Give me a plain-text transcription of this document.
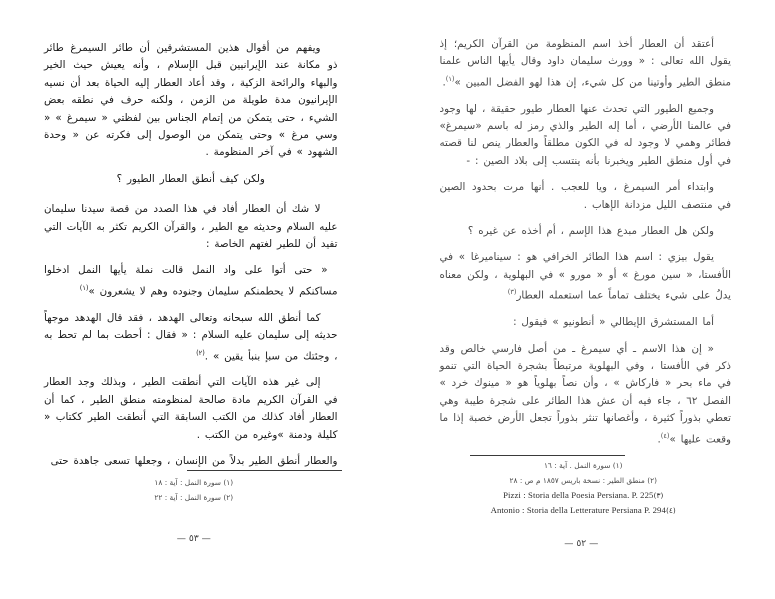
أعتقد أن العطار أخذ اسم المنظومة من القرآن الكريم؛ إذ يقول الله تعالى : « وورث سليمان داود وقال يأيها الناس علمنا منطق الطير وأوتينا من كل شيء، إن هذا لهو الفضل المبين »$^{(١)}$.

وجميع الطيور التي تحدث عنها العطار طيور حقيقة ، لها وجود في عالمنا الأرضي ، أما إله الطير والذي رمز له باسم «سيمرغ» فطائر وهمي لا وجود له في الكون مطلقاً والعطار ينص لنا قصته في أول منطق الطير ويخبرنا بأنه ينتسب إلى بلاد الصين : -

وابتداء أمر السيمرغ ، ويا للعجب . أنها مرت بحدود الصين في منتصف الليل مزدانة الإهاب .

ولكن هل العطار مبدع هذا الإسم ، أم أخذه عن غيره ؟

يقول بيزي : اسم هذا الطائر الخرافي هو : سيناميرغا » في الأفستا، « سين مورغ » أو « مورو » في البهلوية ، ولكن معناه يدلُ على شيء يختلف تماماً عما استعمله العطار$^{(٣)}$

أما المستشرق الإيطالي « أنطونيو » فيقول :

« إن هذا الاسم ـ أي سيمرغ ـ من أصل فارسي خالص وقد ذكر في الأفستا ، وفي البهلوية مرتبطاً بشجرة الحياة التي تنمو في ماء بحر « فاركاش » ، وأن نصاً بهلوياً هو « مينوك خرد » الفصل ٦٢ ، جاء فيه أن عش هذا الطائر على شجرة طيبة وهي تعطي بذوراً كثيرة ، وأغصانها تنثر بذوراً تجعل الأرض خصبة إذا ما وقعت عليها »$^{(٤)}$.

(١) سورة النمل . آية : ١٦

(٢) منطق الطير : نسخة باريس ١٨٥٧ م ص : ٢٨

Pizzi : Storia della Poesia Persiana. P. 225(٣)

Antonio : Storia della Letterature Persiana P. 294(٤)

— ٥٢ —

ويفهم من أقوال هذين المستشرقين أن طائر السيمرغ طائر ذو مكانة عند الإيرانيين قبل الإسلام ، وأنه يعيش حيث الخير والبهاء والرائحة الزكية ، وقد أعاد العطار إليه الحياة بعد أن نسيه الإيرانيون مدة طويلة من الزمن ، ولكنه حرف في نطقه بعض الشيء ، حتى يتمكن من إتمام الجناس بين لفظتي « سيمرغ » « وسي مرغ » وحتى يتمكن من الوصول إلى فكرته عن « وحدة الشهود » في آخر المنظومة .

ولكن كيف أنطق العطار الطيور ؟

لا شك أن العطار أفاد في هذا الصدد من قصة سيدنا سليمان عليه السلام وحديثه مع الطير ، والقرآن الكريم تكثر به الآيات التي تفيد أن للطير لغتهم الخاصة :

« حتى أتوا على واد النمل قالت نملة يأيها النمل ادخلوا مساكنكم لا يحطمنكم سليمان وجنوده وهم لا يشعرون »$^{(١)}$

كما أنطق الله سبحانه وتعالى الهدهد ، فقد قال الهدهد موجهاً حديثه إلى سليمان عليه السلام : « فقال : أحطت بما لم تحط به ، وجئتك من سبإ بنبأ يقين » .$^{(٢)}$

إلى غير هذه الآيات التي أنطقت الطير ، وبذلك وجد العطار في القرآن الكريم مادة صالحة لمنظومته منطق الطير ، كما أن العطار أفاد كذلك من الكتب السابقة التي أنطقت الطير ككتاب « كليلة ودمنة »وغيره من الكتب .

والعطار أنطق الطير بدلاً من الإنسان ، وجعلها تسعى جاهدة حتى

(١) سورة النمل : آية : ١٨

(٢) سورة النمل : آية : ٢٢

— ٥٣ —
